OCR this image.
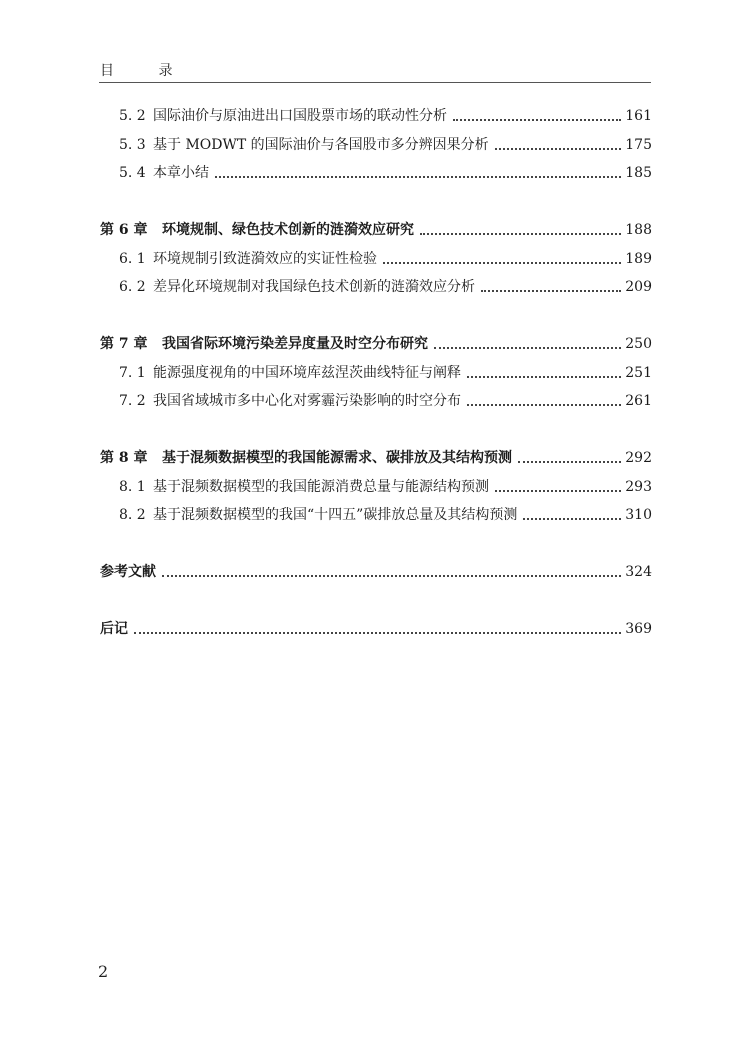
目 录
5. 2 国际油价与原油进出口国股票市场的联动性分析	161
5. 3 基于 MODWT 的国际油价与各国股市多分辨因果分析	175
5. 4 本章小结	185
第 6 章	环境规制、绿色技术创新的涟漪效应研究	188
6. 1 环境规制引致涟漪效应的实证性检验	189
6. 2 差异化环境规制对我国绿色技术创新的涟漪效应分析	209
第 7 章	我国省际环境污染差异度量及时空分布研究	250
7. 1 能源强度视角的中国环境库兹涅茨曲线特征与阐释	251
7. 2 我国省域城市多中心化对雾霾污染影响的时空分布	261
第 8 章	基于混频数据模型的我国能源需求、碳排放及其结构预测	292
8. 1 基于混频数据模型的我国能源消费总量与能源结构预测	293
8. 2 基于混频数据模型的我国“十四五”碳排放总量及其结构预测	310
参考文献	324
后记	369
2
